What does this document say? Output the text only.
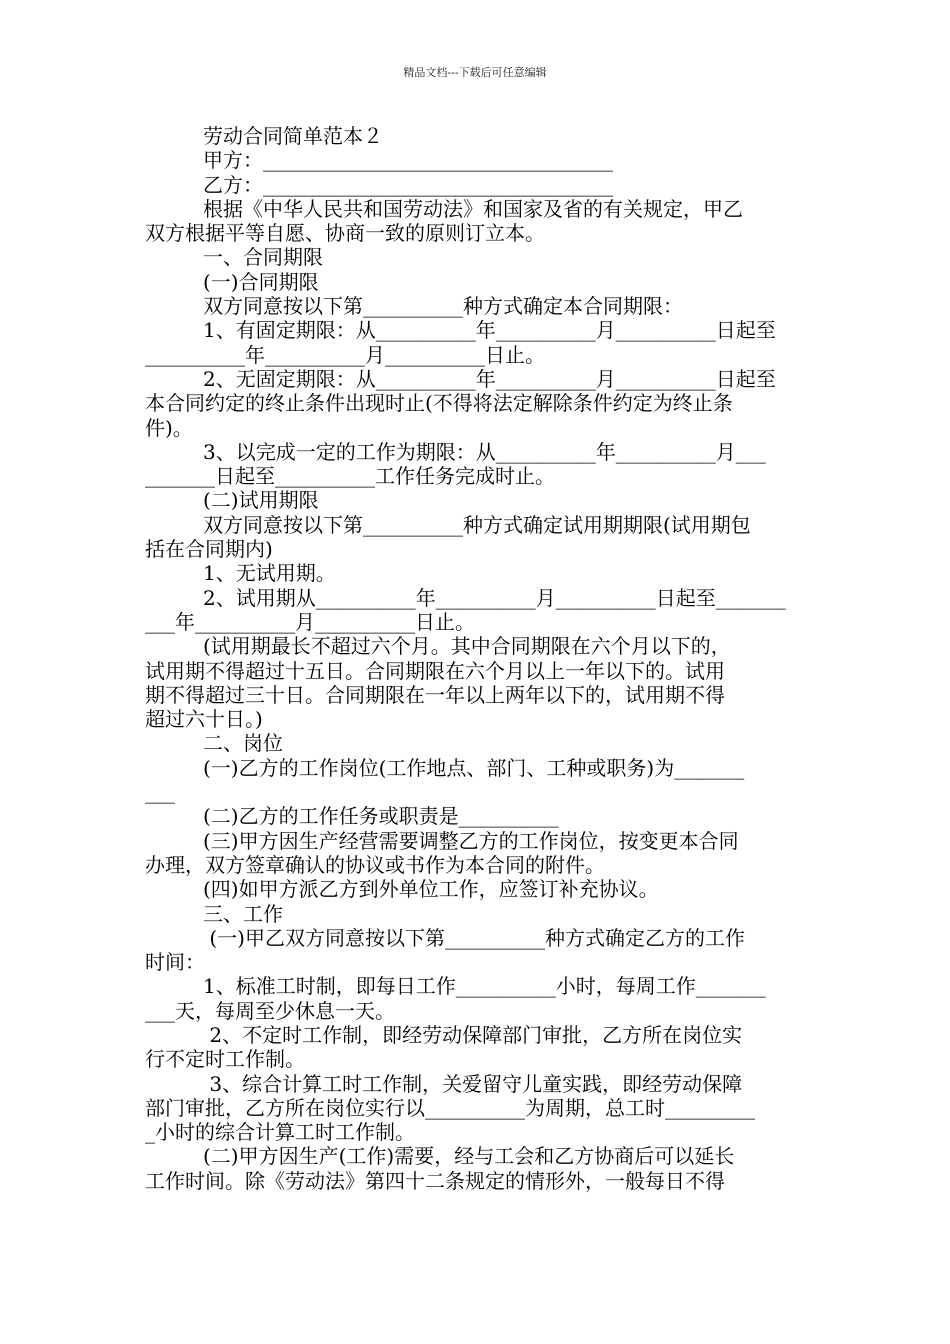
精品文档---下载后可任意编辑
劳动合同简单范本２
甲方：___________________________________
乙方：___________________________________
根据《中华人民共和国劳动法》和国家及省的有关规定，甲乙
双方根据平等自愿、协商一致的原则订立本。
一、合同期限
(一)合同期限
双方同意按以下第__________种方式确定本合同期限：
1、有固定期限：从__________年__________月__________日起至
__________年__________月__________日止。
2、无固定期限：从__________年__________月__________日起至
本合同约定的终止条件出现时止(不得将法定解除条件约定为终止条
件)。
3、以完成一定的工作为期限：从__________年__________月___
_______日起至__________工作任务完成时止。
(二)试用期限
双方同意按以下第__________种方式确定试用期期限(试用期包
括在合同期内)
1、无试用期。
2、试用期从__________年__________月__________日起至_______
___年__________月__________日止。
(试用期最长不超过六个月。其中合同期限在六个月以下的，
试用期不得超过十五日。合同期限在六个月以上一年以下的。试用
期不得超过三十日。合同期限在一年以上两年以下的，试用期不得
超过六十日。)
二、岗位
(一)乙方的工作岗位(工作地点、部门、工种或职务)为_______
___
(二)乙方的工作任务或职责是__________
(三)甲方因生产经营需要调整乙方的工作岗位，按变更本合同
办理，双方签章确认的协议或书作为本合同的附件。
(四)如甲方派乙方到外单位工作，应签订补充协议。
三、工作
(一)甲乙双方同意按以下第__________种方式确定乙方的工作
时间：
1、标准工时制，即每日工作__________小时，每周工作_______
___天，每周至少休息一天。
2、不定时工作制，即经劳动保障部门审批，乙方所在岗位实
行不定时工作制。
3、综合计算工时工作制，关爱留守儿童实践，即经劳动保障
部门审批，乙方所在岗位实行以__________为周期，总工时_________
_小时的综合计算工时工作制。
(二)甲方因生产(工作)需要，经与工会和乙方协商后可以延长
工作时间。除《劳动法》第四十二条规定的情形外，一般每日不得
